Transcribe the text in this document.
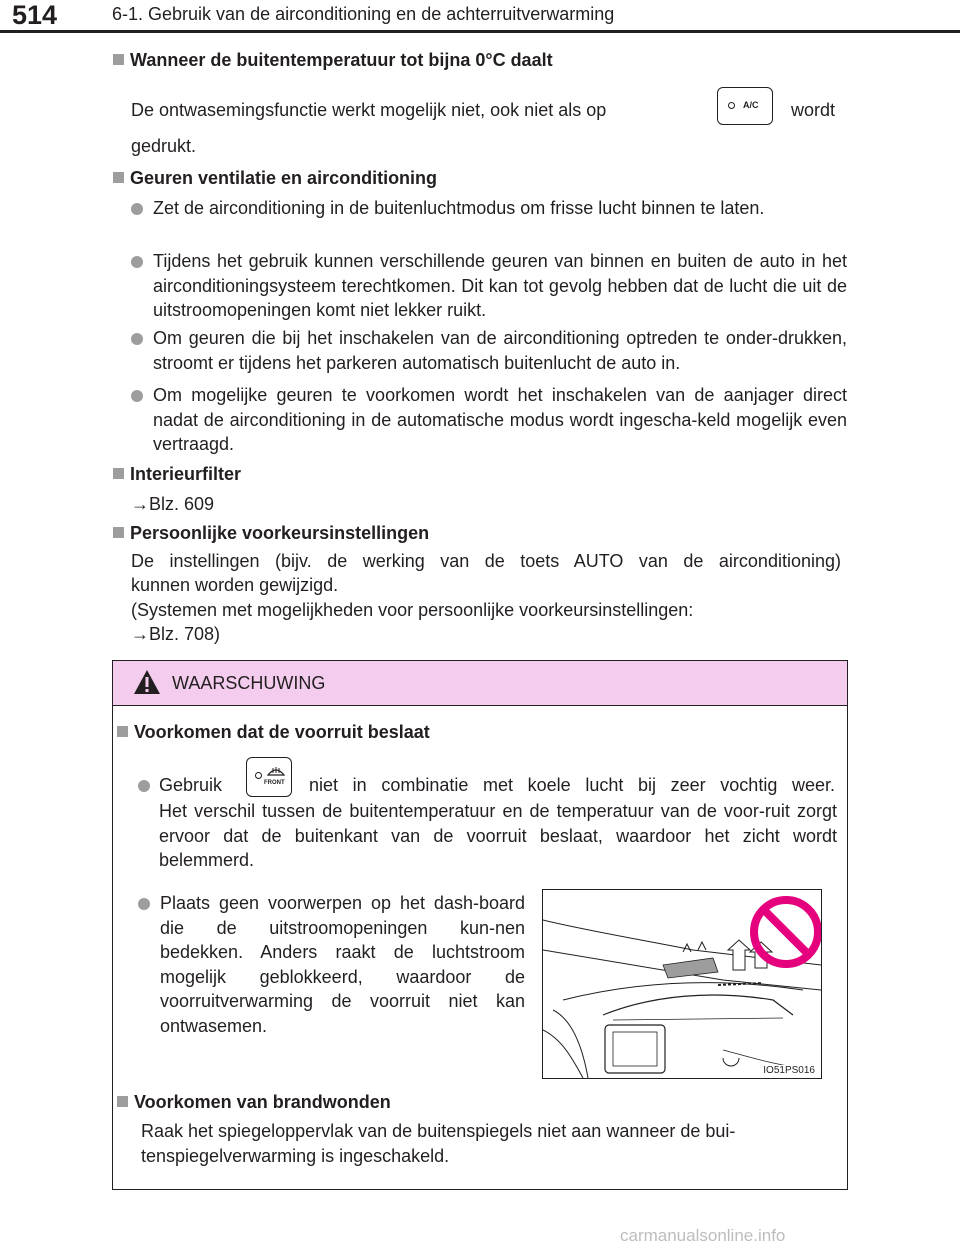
514	6-1. Gebruik van de airconditioning en de achterruitverwarming
Wanneer de buitentemperatuur tot bijna 0°C daalt
De ontwasemingsfunctie werkt mogelijk niet, ook niet als op	A/C wordt
gedrukt.
Geuren ventilatie en airconditioning
Zet de airconditioning in de buitenluchtmodus om frisse lucht binnen te laten.
Tijdens het gebruik kunnen verschillende geuren van binnen en buiten de auto in het airconditioningsysteem terechtkomen. Dit kan tot gevolg hebben dat de lucht die uit de uitstroomopeningen komt niet lekker ruikt.
Om geuren die bij het inschakelen van de airconditioning optreden te onder-drukken, stroomt er tijdens het parkeren automatisch buitenlucht de auto in.
Om mogelijke geuren te voorkomen wordt het inschakelen van de aanjager direct nadat de airconditioning in de automatische modus wordt ingescha-keld mogelijk even vertraagd.
Interieurfilter
→Blz. 609
Persoonlijke voorkeursinstellingen
De instellingen (bijv. de werking van de toets AUTO van de airconditioning)
kunnen worden gewijzigd.
(Systemen met mogelijkheden voor persoonlijke voorkeursinstellingen:
→Blz. 708)
WAARSCHUWING
Voorkomen dat de voorruit beslaat
Gebruik	FRONT niet in combinatie met koele lucht bij zeer vochtig weer.
Het verschil tussen de buitentemperatuur en de temperatuur van de voor-ruit zorgt ervoor dat de buitenkant van de voorruit beslaat, waardoor het zicht wordt belemmerd.
Plaats geen voorwerpen op het dash-board die de uitstroomopeningen kun-nen bedekken. Anders raakt de luchtstroom mogelijk geblokkeerd, waardoor de voorruitverwarming de voorruit niet kan ontwasemen.
Voorkomen van brandwonden
Raak het spiegeloppervlak van de buitenspiegels niet aan wanneer de bui-tenspiegelverwarming is ingeschakeld.
IO51PS016
carmanualsonline.info
